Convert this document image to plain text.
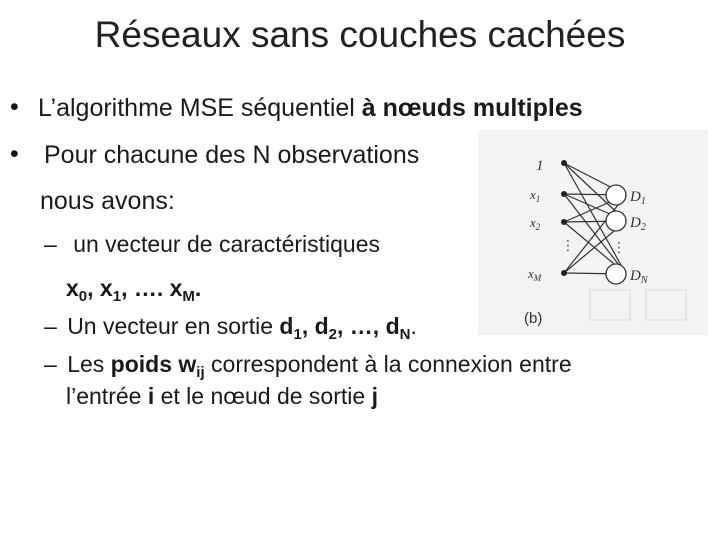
Réseaux sans couches cachées
• L’algorithme MSE séquentiel à nœuds multiples
• Pour chacune des N observations
nous avons:
– un vecteur de caractéristiques
$x_0$, $x_1$, …. $x_M$.
– Un vecteur en sortie $d_1$, $d_2$, …, $d_N$.
– Les poids $w_{ij}$ correspondent à la connexion entre
l’entrée i et le nœud de sortie j
⋮	⋮
1
$x_1$
$x_2$
$x_M$
$D_1$
$D_2$
$D_N$
(b)
